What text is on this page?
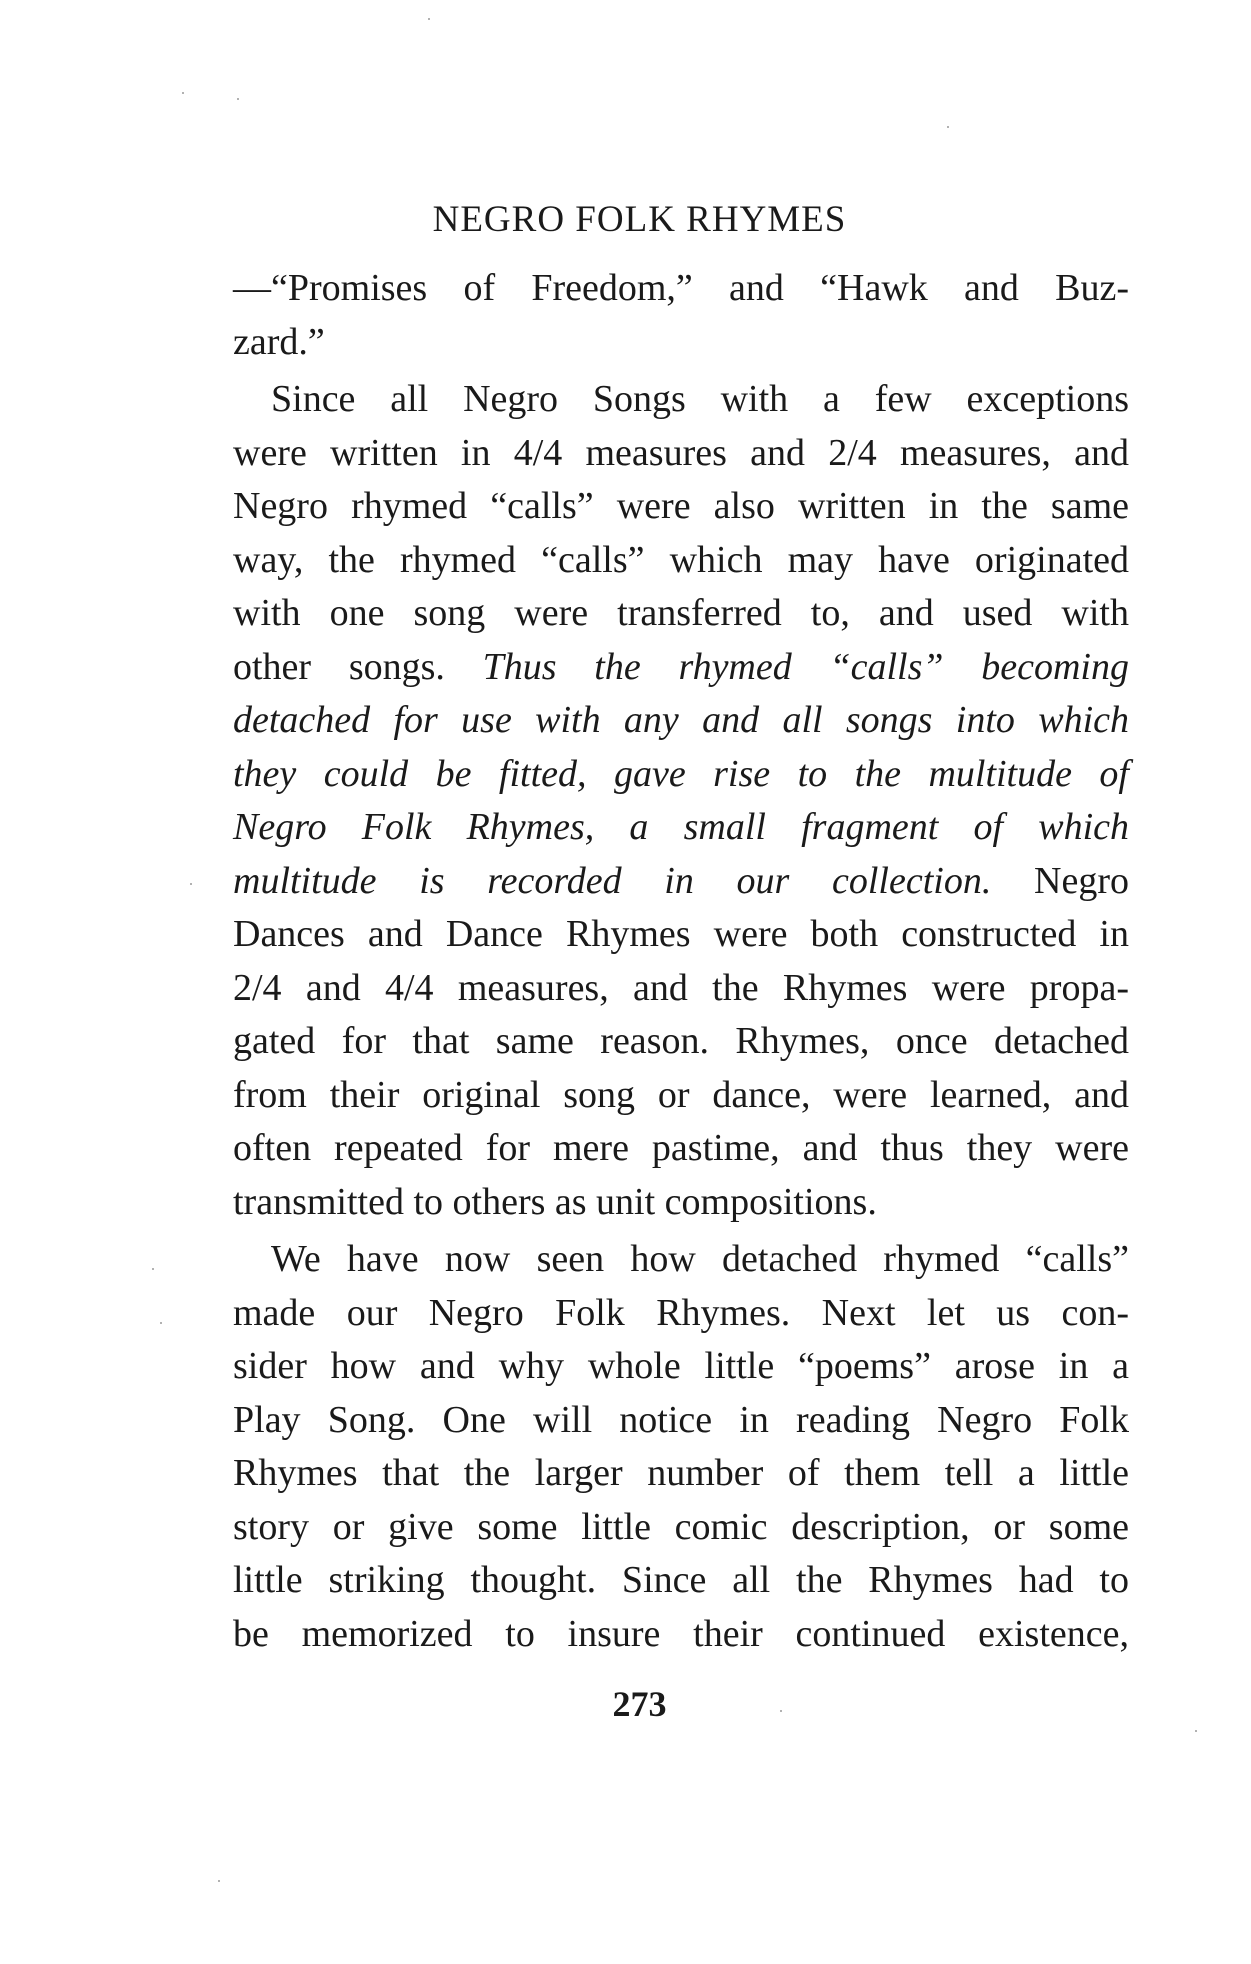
NEGRO FOLK RHYMES
—“Promises of Freedom,” and “Hawk and Buz-
zard.”
Since all Negro Songs with a few exceptions
were written in 4/4 measures and 2/4 measures, and
Negro rhymed “calls” were also written in the same
way, the rhymed “calls” which may have originated
with one song were transferred to, and used with
other songs. Thus the rhymed “calls” becoming
detached for use with any and all songs into which
they could be fitted, gave rise to the multitude of
Negro Folk Rhymes, a small fragment of which
multitude is recorded in our collection. Negro
Dances and Dance Rhymes were both constructed in
2/4 and 4/4 measures, and the Rhymes were propa-
gated for that same reason. Rhymes, once detached
from their original song or dance, were learned, and
often repeated for mere pastime, and thus they were
transmitted to others as unit compositions.
We have now seen how detached rhymed “calls”
made our Negro Folk Rhymes. Next let us con-
sider how and why whole little “poems” arose in a
Play Song. One will notice in reading Negro Folk
Rhymes that the larger number of them tell a little
story or give some little comic description, or some
little striking thought. Since all the Rhymes had to
be memorized to insure their continued existence,
273
